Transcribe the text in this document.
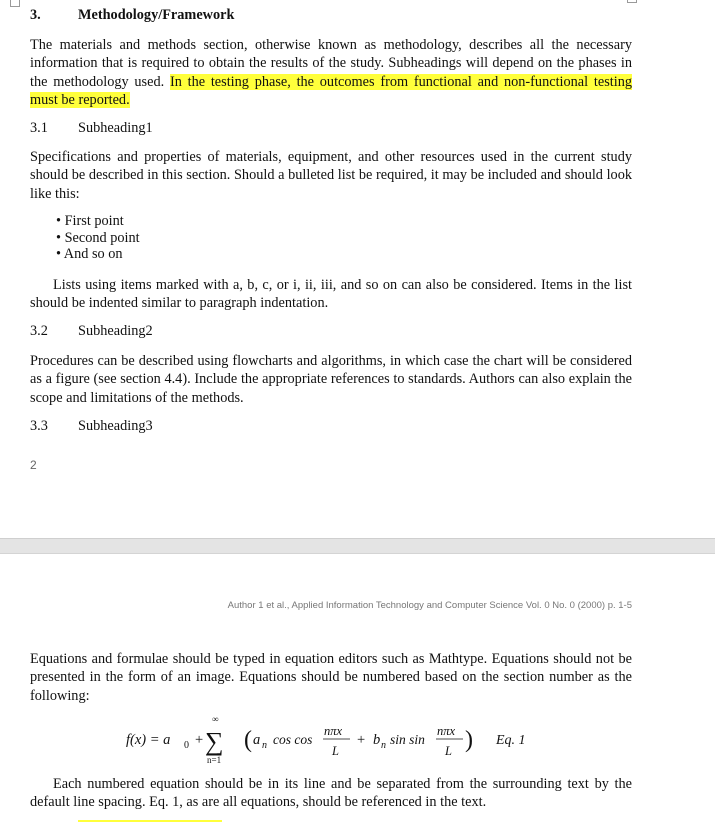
3.	Methodology/Framework

The materials and methods section, otherwise known as methodology, describes all the necessary information that is required to obtain the results of the study. Subheadings will depend on the phases in the methodology used. In the testing phase, the outcomes from functional and non-functional testing must be reported.

3.1 Subheading1

Specifications and properties of materials, equipment, and other resources used in the current study should be described in this section. Should a bulleted list be required, it may be included and should look like this:

• First point
• Second point
• And so on

Lists using items marked with a, b, c, or i, ii, iii, and so on can also be considered. Items in the list should be indented similar to paragraph indentation.

3.2 Subheading2

Procedures can be described using flowcharts and algorithms, in which case the chart will be considered as a figure (see section 4.4). Include the appropriate references to standards. Authors can also explain the scope and limitations of the methods.

3.3 Subheading3

2
Author 1 et al., Applied Information Technology and Computer Science Vol. 0 No. 0 (2000) p. 1-5

Equations and formulae should be typed in equation editors such as Mathtype. Equations should not be presented in the form of an image. Equations should be numbered based on the section number as the following:

f(x) = a 0 +
∞
∑
n=1
( a n cos cos
nπx
L
+ b n sin sin
nπx
L ) Eq. 1

Each numbered equation should be in its line and be separated from the surrounding text by the default line spacing. Eq. 1, as are all equations, should be referenced in the text.
